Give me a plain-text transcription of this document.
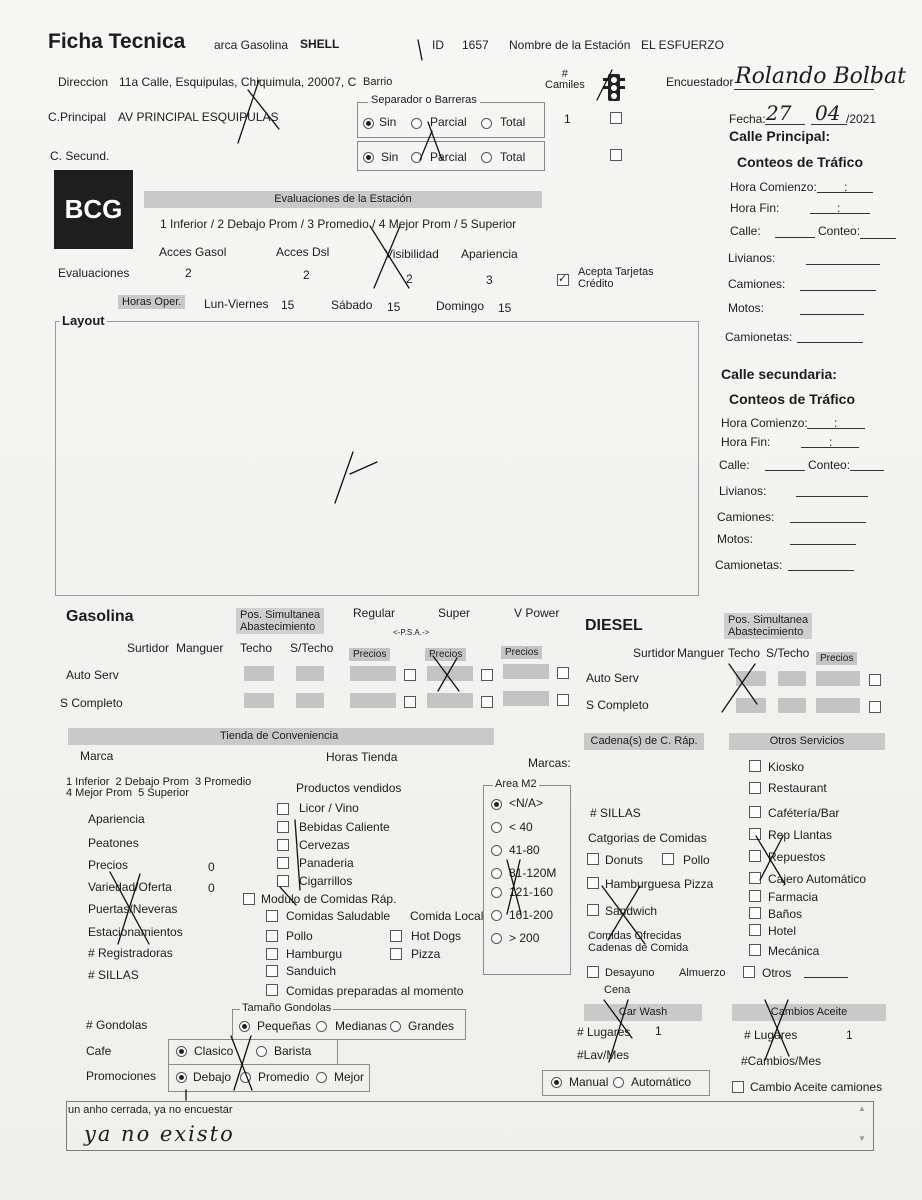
Ficha Tecnica arca Gasolina SHELL	ID 1657 Nombre de la Estación EL ESFUERZO
Direccion 11a Calle, Esquipulas, Chiquimula, 20007, C Barrio
#
Camiles	Encuestador Rolando Bolbat
C.Principal AV PRINCIPAL ESQUIPULAS
C. Secund.
Separador o Barreras
Sin	Parcial	Total	1
Sin	Parcial	Total
Fecha: 27 04 /2021
Calle Principal:
Conteos de Tráfico
Hora Comienzo: :
Hora Fin:	:
Calle:	Conteo:
Livianos:
Camiones:
Motos:
Camionetas:
BCG	Evaluaciones de la Estación
1 Inferior / 2 Debajo Prom / 3 Promedio / 4 Mejor Prom / 5 Superior
Acces Gasol	Acces Dsl	Visibilidad Apariencia
Evaluaciones	2	2	2	3
✓
Acepta Tarjetas
Crédito
Horas Oper.	Lun-Viernes 15	Sábado 15	Domingo 15
Layout
Calle secundaria:
Conteos de Tráfico
Hora Comienzo: :
Hora Fin:	:
Calle:	Conteo:
Livianos:
Camiones:
Motos:
Camionetas:
Gasolina	Pos. Simultanea
Abastecimiento
Regular	Super	V Power
<-P.S.A.->
Surtidor Manguer Techo S/Techo	Precios	Precios	Precios
Auto Serv
S Completo
DIESEL	Pos. Simultanea
Abastecimiento
Surtidor Manguer Techo S/Techo	Precios
Auto Serv
S Completo
Tienda de Conveniencia
Marca	Horas Tienda	Marcas:
1 Inferior  2 Debajo Prom  3 Promedio
4 Mejor Prom  5 Superior
Apariencia
Peatones
Precios	0
Variedad/Oferta	0
Puertas/Neveras
Estacionamientos
# Registradoras
# SILLAS
Productos vendidos
Licor / Vino
Bebidas Caliente
Cervezas
Panaderia
Cigarrillos
Modulo de Comidas Ráp.
Comidas Saludable Comida Local
Pollo	Hot Dogs
Hamburgu	Pizza
Sanduich
Comidas preparadas al momento
Area M2
<N/A>
< 40
41-80
81-120M
121-160
161-200
> 200
Cadena(s) de C. Ráp.
# SILLAS
Catgorias de Comidas
Donuts	Pollo
Hamburguesa Pizza
Sandwich
Comidas Ofrecidas
Cadenas de Comida
Desayuno Almuerzo
Cena
Otros Servicios
Kiosko
Restaurant
Cafétería/Bar
Rep Llantas
Repuestos
Cajero Automático
Farmacia
Baños
Hotel
Mecánica
Otros
# Gondolas
Tamaño Gondolas
Pequeñas Medianas Grandes
Cafe	Clasico	Barista
Promociones	Debajo Promedio Mejor
Car Wash
# Lugares 1
#Lav/Mes
Manual Automático
Cambios Aceite
# Lugares	1
#Cambios/Mes
Cambio Aceite camiones
un anho cerrada, ya no encuestar
ya no existo
▲
▼
